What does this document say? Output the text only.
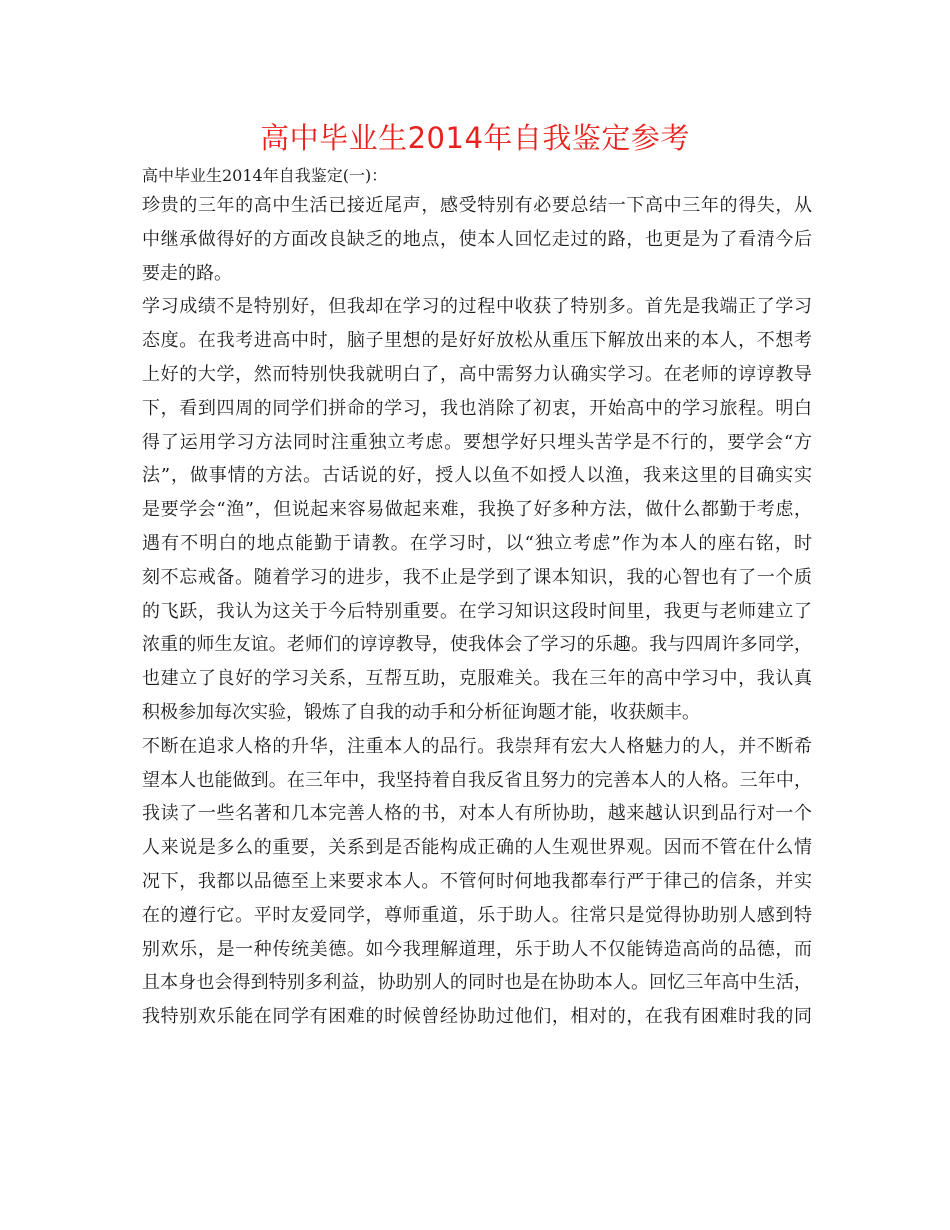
高中毕业生2014年自我鉴定参考

高中毕业生2014年自我鉴定(一)：

珍贵的三年的高中生活已接近尾声，感受特别有必要总结一下高中三年的得失，从
中继承做得好的方面改良缺乏的地点，使本人回忆走过的路，也更是为了看清今后
要走的路。
学习成绩不是特别好，但我却在学习的过程中收获了特别多。首先是我端正了学习
态度。在我考进高中时，脑子里想的是好好放松从重压下解放出来的本人，不想考
上好的大学，然而特别快我就明白了，高中需努力认确实学习。在老师的谆谆教导
下，看到四周的同学们拼命的学习，我也消除了初衷，开始高中的学习旅程。明白
得了运用学习方法同时注重独立考虑。要想学好只埋头苦学是不行的，要学会“方
法”，做事情的方法。古话说的好，授人以鱼不如授人以渔，我来这里的目确实实
是要学会“渔”，但说起来容易做起来难，我换了好多种方法，做什么都勤于考虑，
遇有不明白的地点能勤于请教。在学习时，以“独立考虑”作为本人的座右铭，时
刻不忘戒备。随着学习的进步，我不止是学到了课本知识，我的心智也有了一个质
的飞跃，我认为这关于今后特别重要。在学习知识这段时间里，我更与老师建立了
浓重的师生友谊。老师们的谆谆教导，使我体会了学习的乐趣。我与四周许多同学，
也建立了良好的学习关系，互帮互助，克服难关。我在三年的高中学习中，我认真
积极参加每次实验，锻炼了自我的动手和分析征询题才能，收获颇丰。
不断在追求人格的升华，注重本人的品行。我崇拜有宏大人格魅力的人，并不断希
望本人也能做到。在三年中，我坚持着自我反省且努力的完善本人的人格。三年中，
我读了一些名著和几本完善人格的书，对本人有所协助，越来越认识到品行对一个
人来说是多么的重要，关系到是否能构成正确的人生观世界观。因而不管在什么情
况下，我都以品德至上来要求本人。不管何时何地我都奉行严于律己的信条，并实
在的遵行它。平时友爱同学，尊师重道，乐于助人。往常只是觉得协助别人感到特
别欢乐，是一种传统美德。如今我理解道理，乐于助人不仅能铸造高尚的品德，而
且本身也会得到特别多利益，协助别人的同时也是在协助本人。回忆三年高中生活，
我特别欢乐能在同学有困难的时候曾经协助过他们，相对的，在我有困难时我的同
